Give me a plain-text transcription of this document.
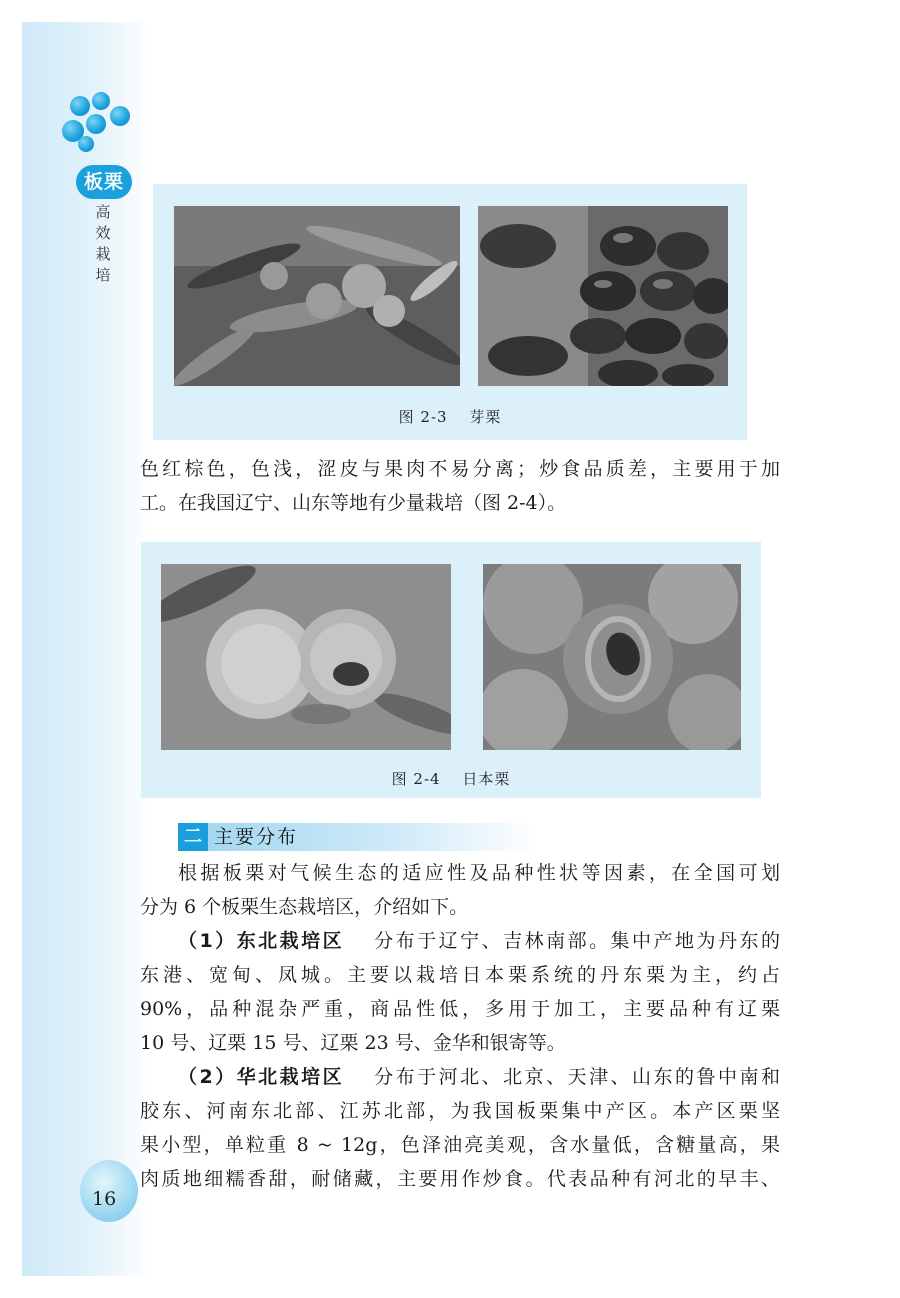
板栗
高
效
栽
培
图 2-3　 芽栗
色红棕色，色浅，涩皮与果肉不易分离；炒食品质差，主要用于加
工。在我国辽宁、山东等地有少量栽培（图 2-4）。
图 2-4　 日本栗
二 主要分布
根据板栗对气候生态的适应性及品种性状等因素，在全国可划
分为 6 个板栗生态栽培区，介绍如下。
（1）东北栽培区　 分布于辽宁、吉林南部。集中产地为丹东的
东港、宽甸、凤城。主要以栽培日本栗系统的丹东栗为主，约占
90%，品种混杂严重，商品性低，多用于加工，主要品种有辽栗
10 号、辽栗 15 号、辽栗 23 号、金华和银寄等。
（2）华北栽培区　 分布于河北、北京、天津、山东的鲁中南和
胶东、河南东北部、江苏北部，为我国板栗集中产区。本产区栗坚
果小型，单粒重 8 ~ 12g，色泽油亮美观，含水量低，含糖量高，果
肉质地细糯香甜，耐储藏，主要用作炒食。代表品种有河北的早丰、
16
